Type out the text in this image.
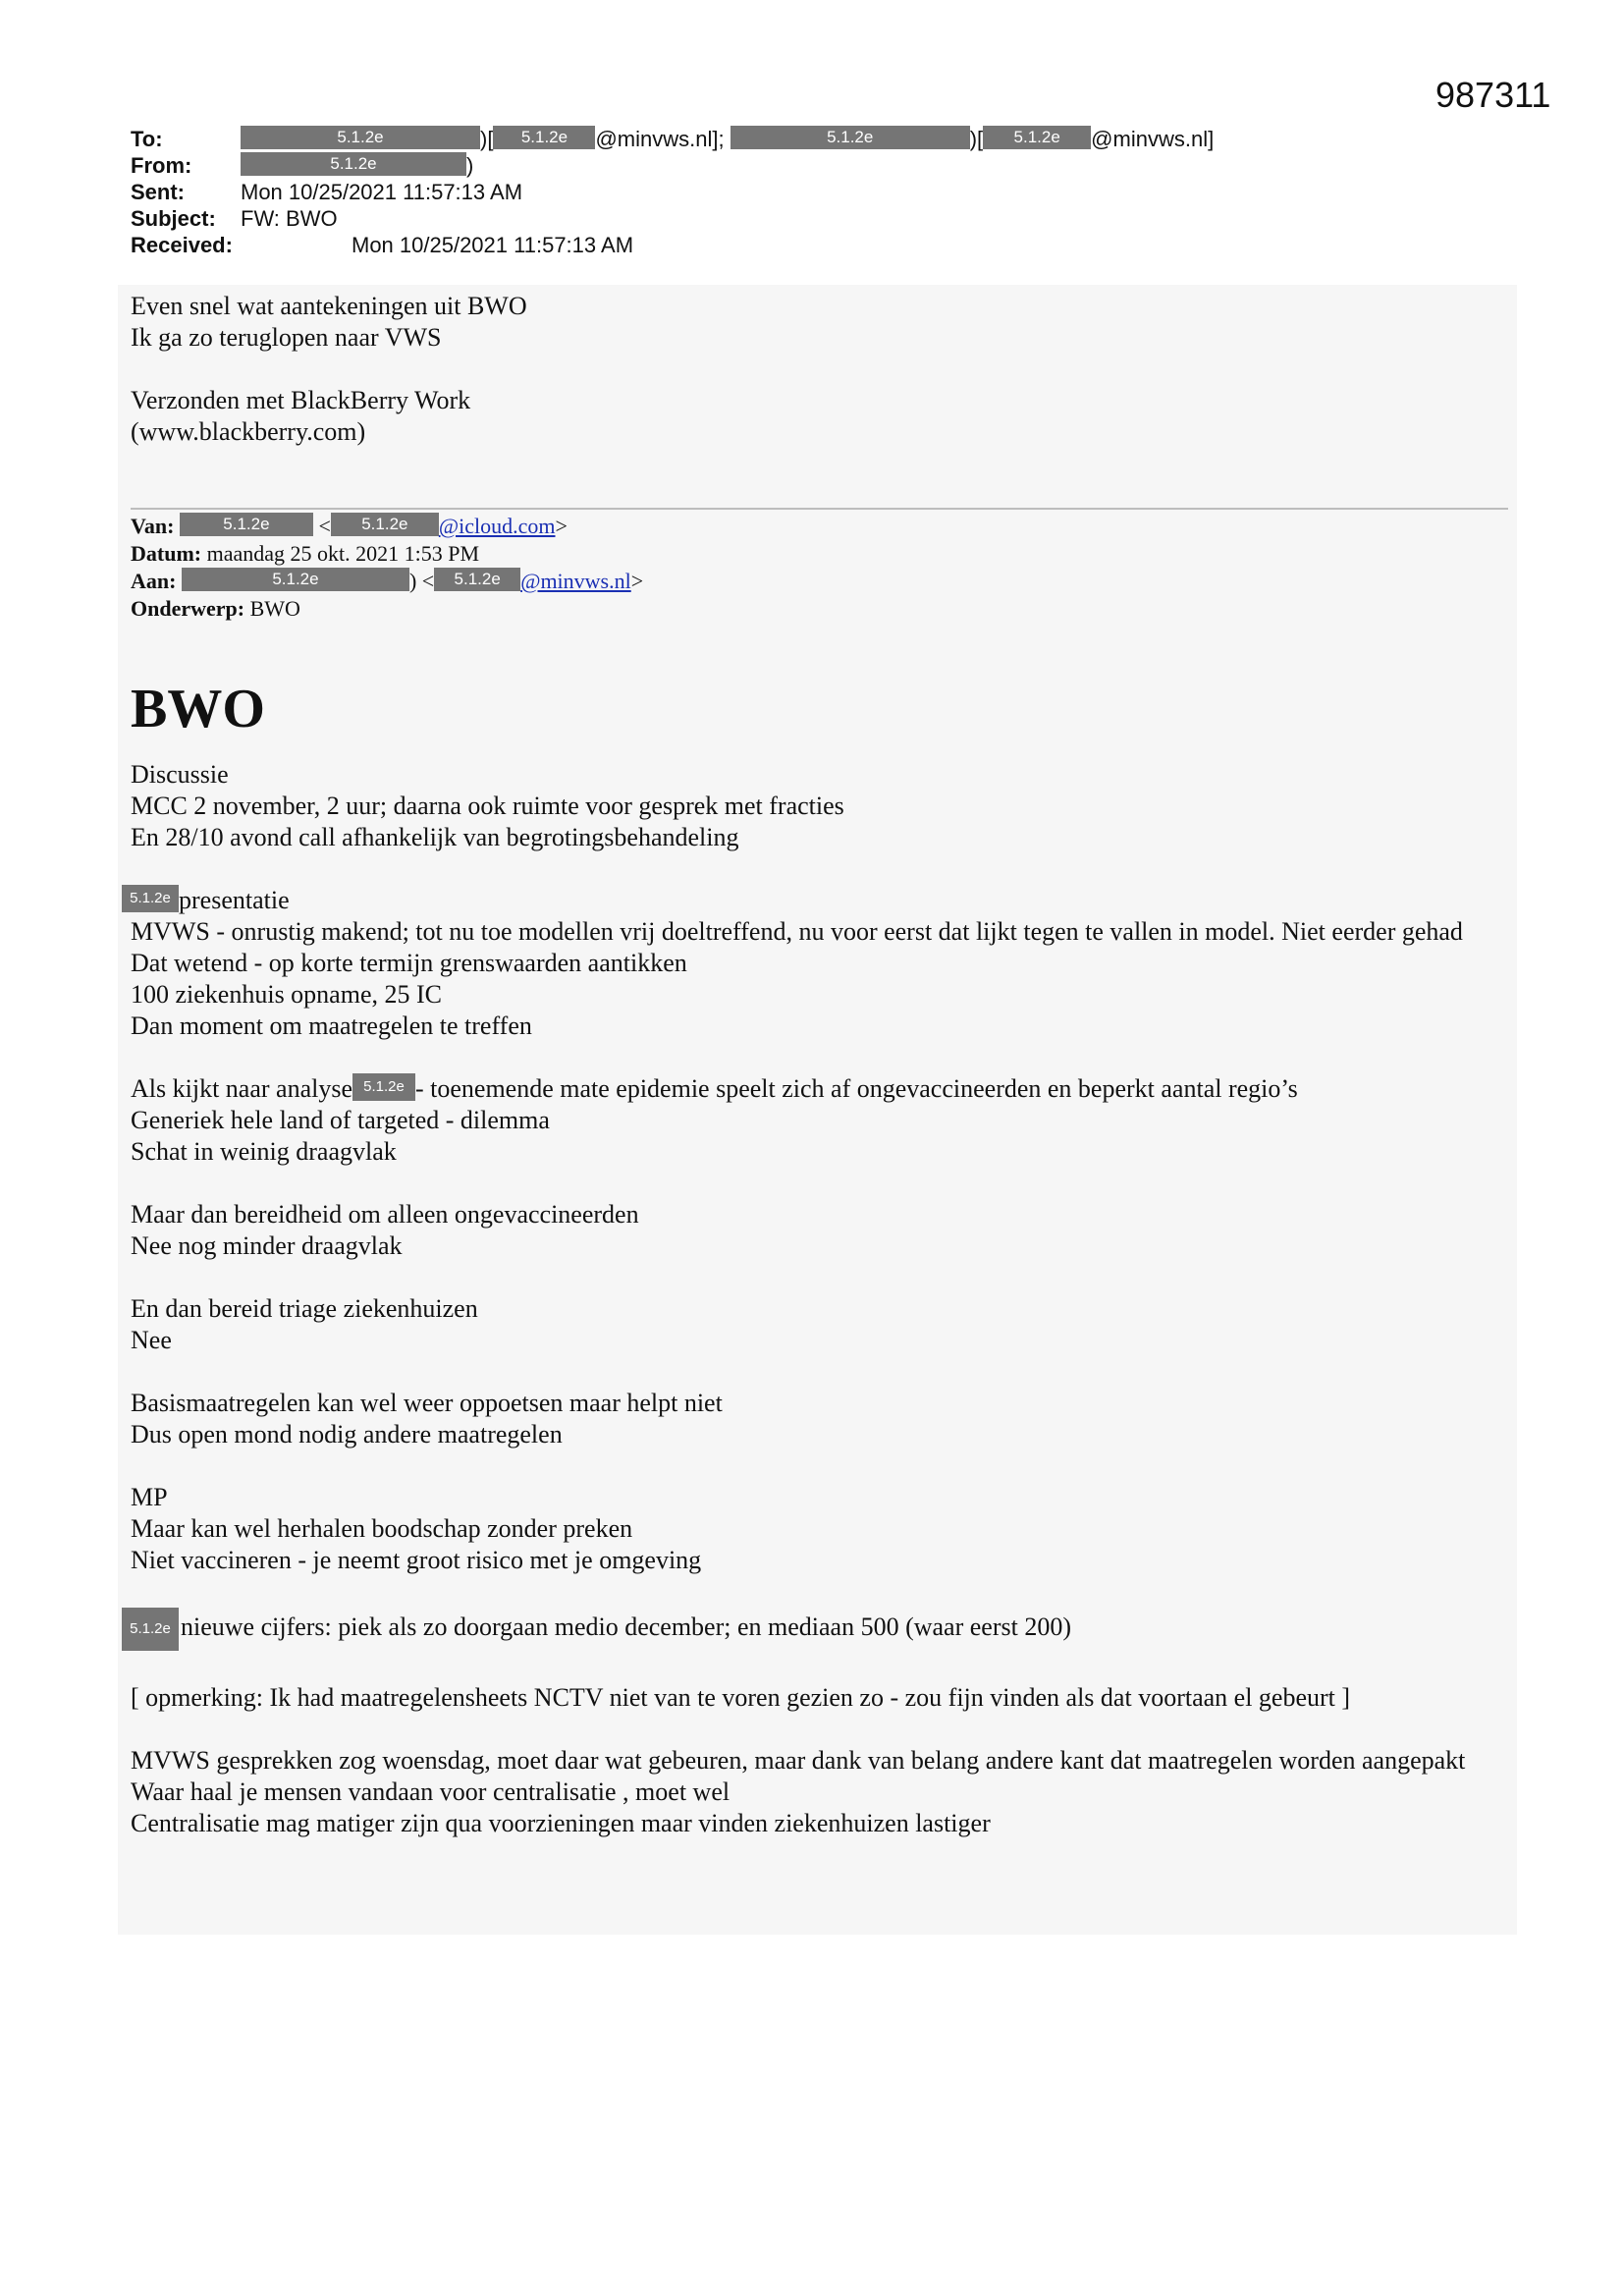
987311
To:	5.1.2e	)[ 5.1.2e @minvws.nl];	5.1.2e	)[ 5.1.2e @minvws.nl]
From:	5.1.2e	)
Sent:	Mon 10/25/2021 11:57:13 AM
Subject: FW: BWO
Received:	Mon 10/25/2021 11:57:13 AM
Even snel wat aantekeningen uit BWO
Ik ga zo teruglopen naar VWS
Verzonden met BlackBerry Work
(www.blackberry.com)
Van:	5.1.2e < 5.1.2e @icloud.com>
Datum: maandag 25 okt. 2021 1:53 PM
Aan:	5.1.2e	) < 5.1.2e @minvws.nl>
Onderwerp: BWO
BWO

Discussie

MCC 2 november, 2 uur; daarna ook ruimte voor gesprek met fracties

En 28/10 avond call afhankelijk van begrotingsbehandeling

5.1.2e presentatie

MVWS - onrustig makend; tot nu toe modellen vrij doeltreffend, nu voor eerst dat lijkt tegen te vallen in model. Niet eerder gehad

Dat wetend - op korte termijn grenswaarden aantikken

100 ziekenhuis opname, 25 IC

Dan moment om maatregelen te treffen

Als kijkt naar analyse 5.1.2e - toenemende mate epidemie speelt zich af ongevaccineerden en beperkt aantal regio’s

Generiek hele land of targeted - dilemma

Schat in weinig draagvlak

Maar dan bereidheid om alleen ongevaccineerden

Nee nog minder draagvlak

En dan bereid triage ziekenhuizen

Nee

Basismaatregelen kan wel weer oppoetsen maar helpt niet

Dus open mond nodig andere maatregelen

MP

Maar kan wel herhalen boodschap zonder preken

Niet vaccineren - je neemt groot risico met je omgeving

5.1.2e nieuwe cijfers: piek als zo doorgaan medio december; en mediaan 500 (waar eerst 200)

[ opmerking: Ik had maatregelensheets NCTV niet van te voren gezien zo - zou fijn vinden als dat voortaan el gebeurt ]

MVWS gesprekken zog woensdag, moet daar wat gebeuren, maar dank van belang andere kant dat maatregelen worden aangepakt

Waar haal je mensen vandaan voor centralisatie , moet wel

Centralisatie mag matiger zijn qua voorzieningen maar vinden ziekenhuizen lastiger
